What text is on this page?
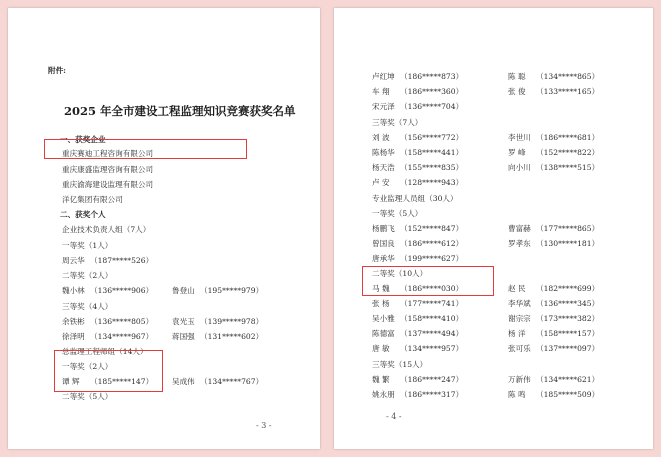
附件:
2025 年全市建设工程监理知识竞赛获奖名单
一、获奖企业
重庆赛迪工程咨询有限公司
重庆康盛监理咨询有限公司
重庆渝海建设监理有限公司
洋亿集团有限公司
二、获奖个人
企业技术负责人组（7人）
一等奖（1人）
周云华 （187*****526）
二等奖（2人）
魏小林 （136*****906） 鲁登山 （195*****979）
三等奖（4人）
余铁彬 （136*****805） 袁光玉 （139*****978）
徐泽明 （134*****967） 蒋国强 （131*****602）
总监理工程师组（14人）
一等奖（2人）
谭 辉 （185*****147） 吴成伟 （134*****767）
二等奖（5人）
- 3 -
卢红坤 （186*****873）	陈 聪 （134*****865）
车 翔 （186*****360）	张 俊 （133*****165）
宋元泽 （136*****704）
三等奖（7人）
刘 波 （156*****772）	李世川 （186*****681）
陈杨华 （158*****441）	罗 峰 （152*****822）
杨天浩 （155*****835）	向小川 （138*****515）
卢 安 （128*****943）
专业监理人员组（30人）
一等奖（5人）
杨鹏飞 （152*****847）	曹富赫 （177*****865）
曾国良 （186*****612）	罗孝东 （130*****181）
唐承华 （199*****627）
二等奖（10人）
马 魏 （186*****030）	赵 民 （182*****699）
张 杨 （177*****741）	李华斌 （136*****345）
吴小雅 （158*****410）	谢宗宗 （173*****382）
陈德富 （137*****494）	杨 洋 （158*****157）
唐 敏 （134*****957）	张可乐 （137*****097）
三等奖（15人）
魏 繁 （186*****247）	万新伟 （134*****621）
姚永朋 （186*****317）	陈 鸣 （185*****509）
- 4 -
